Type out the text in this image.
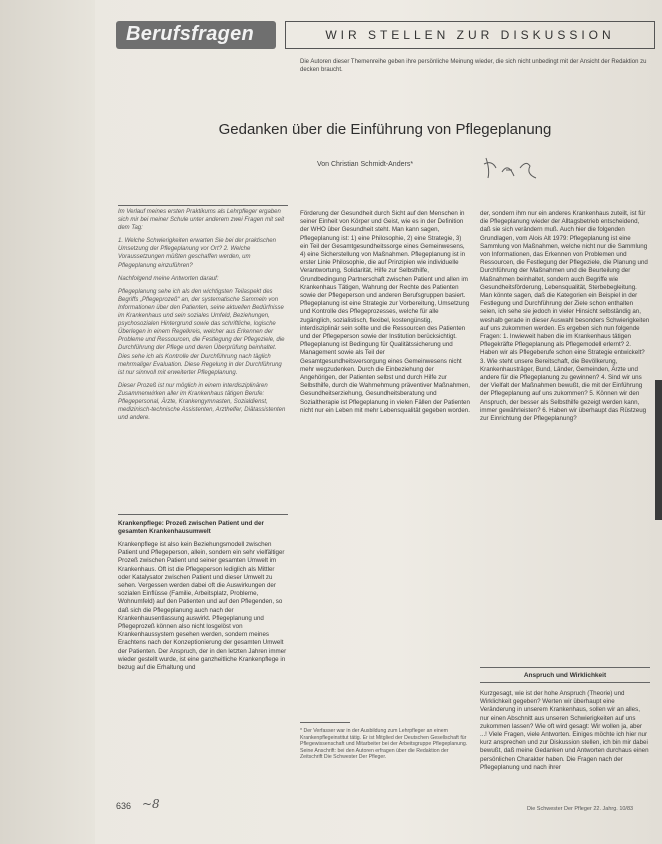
Berufsfragen	WIR STELLEN ZUR DISKUSSION
Die Autoren dieser Themenreihe geben ihre persönliche Meinung wieder, die sich nicht unbedingt mit der Ansicht der Redaktion zu decken braucht.
Gedanken über die Einführung von Pflegeplanung
Von Christian Schmidt-Anders*

Im Verlauf meines ersten Praktikums als Lehrpfleger ergaben sich mir bei meiner Schule unter anderem zwei Fragen mit seit dem Tag:

1. Welche Schwierigkeiten erwarten Sie bei der praktischen Umsetzung der Pflegeplanung vor Ort? 2. Welche Voraussetzungen müßten geschaffen werden, um Pflegeplanung einzuführen?

Nachfolgend meine Antworten darauf:

Pflegeplanung sehe ich als den wichtigsten Teilaspekt des Begriffs „Pflegeprozeß“ an, der systematische Sammeln von Informationen über den Patienten, seine aktuellen Bedürfnisse im Krankenhaus und sein soziales Umfeld, Beziehungen, psychosozialen Hintergrund sowie das schriftliche, logische Überlegen in einem Regelkreis, welcher aus Erkennen der Probleme und Ressourcen, die Festlegung der Pflegeziele, die Durchführung der Pflege und deren Überprüfung beinhaltet. Dies sehe ich als Kontrolle der Durchführung nach täglich mehrmaliger Evaluation. Diese Regelung in der Durchführung ist nur sinnvoll mit erweiterter Pflegeplanung.

Dieser Prozeß ist nur möglich in einem interdisziplinären Zusammenwirken aller im Krankenhaus tätigen Berufe: Pflegepersonal, Ärzte, Krankengymnasten, Sozialdienst, medizinisch-technische Assistenten, Arzthelfer, Diätassistenten und andere.

Krankenpflege: Prozeß zwischen Patient und der gesamten Krankenhausumwelt
Krankenpflege ist also kein Beziehungsmodell zwischen Patient und Pflegeperson, allein, sondern ein sehr vielfältiger Prozeß zwischen Patient und seiner gesamten Umwelt im Krankenhaus. Oft ist die Pflegeperson lediglich als Mittler oder Katalysator zwischen Patient und dieser Umwelt zu sehen. Vergessen werden dabei oft die Auswirkungen der sozialen Einflüsse (Familie, Arbeitsplatz, Probleme, Wohnumfeld) auf den Patienten und auf den Pflegenden, so daß sich die Pflegeplanung auch nach der Krankenhausentlassung auswirkt. Pflegeplanung und Pflegeprozeß können also nicht losgelöst von Krankenhaussystem gesehen werden, sondern meines Erachtens nach der Konzeptionierung der gesamten Umwelt der Patienten. Der Anspruch, der in den letzten Jahren immer wieder gestellt wurde, ist eine ganzheitliche Krankenpflege in bezug auf die Erhaltung und
Förderung der Gesundheit durch Sicht auf den Menschen in seiner Einheit von Körper und Geist, wie es in der Definition der WHO über Gesundheit steht. Man kann sagen, Pflegeplanung ist: 1) eine Philosophie, 2) eine Strategie, 3) ein Teil der Gesamtgesundheitssorge eines Gemeinwesens, 4) eine Sicherstellung von Maßnahmen. Pflegeplanung ist in erster Linie Philosophie, die auf Prinzipien wie individuelle Verantwortung, Solidarität, Hilfe zur Selbsthilfe, Grundbedingung Partnerschaft zwischen Patient und allen im Krankenhaus Tätigen, Wahrung der Rechte des Patienten sowie der Pflegeperson und anderen Berufsgruppen basiert. Pflegeplanung ist eine Strategie zur Vorbereitung, Umsetzung und Kontrolle des Pflegeprozesses, welche für alle zugänglich, sozialistisch, flexibel, kostengünstig, interdisziplinär sein sollte und die Ressourcen des Patienten und der Pflegeperson sowie der Institution berücksichtigt. Pflegeplanung ist Bedingung für Qualitätssicherung und Management sowie als Teil der Gesamtgesundheitsversorgung eines Gemeinwesens nicht mehr wegzudenken. Durch die Einbeziehung der Angehörigen, der Patienten selbst und durch Hilfe zur Selbsthilfe, durch die Wahrnehmung präventiver Maßnahmen, Gesundheitserziehung, Gesundheitsberatung und Sozialtherapie ist Pflegeplanung in vielen Fällen der Patienten nicht nur ein Leben mit mehr Lebensqualität gegeben worden.
* Der Verfasser war in der Ausbildung zum Lehrpfleger an einem Krankenpflegeinstitut tätig. Er ist Mitglied der Deutschen Gesellschaft für Pflegewissenschaft und Mitarbeiter bei der Arbeitsgruppe Pflegeplanung. Seine Anschrift: bei den Autoren erfragen über die Redaktion der Zeitschrift Die Schwester Der Pfleger.
der, sondern ihm nur ein anderes Krankenhaus zuteilt, ist für die Pflegeplanung wieder der Alltagsbetrieb entscheidend, daß sie sich verändern muß. Auch hier die folgenden Grundlagen, vom Alois Alt 1979: Pflegeplanung ist eine Sammlung von Maßnahmen, welche nicht nur die Sammlung von Informationen, das Erkennen von Problemen und Ressourcen, die Festlegung der Pflegeziele, die Planung und Durchführung der Maßnahmen und die Beurteilung der Maßnahmen beinhaltet, sondern auch Begriffe wie Gesundheitsförderung, Lebensqualität, Sterbebegleitung. Man könnte sagen, daß die Kategorien ein Beispiel in der Festlegung und Durchführung der Ziele schon enthalten seien, ich sehe sie jedoch in vieler Hinsicht selbständig an, weshalb gerade in dieser Auswahl besonders Schwierigkeiten auf uns zukommen werden. Es ergeben sich nun folgende Fragen: 1. Inwieweit haben die im Krankenhaus tätigen Pflegekräfte Pflegeplanung als Pflegemodell erlernt? 2. Haben wir als Pflegeberufe schon eine Strategie entwickelt? 3. Wie steht unsere Bereitschaft, die Bevölkerung, Krankenhausträger, Bund, Länder, Gemeinden, Ärzte und andere für die Pflegeplanung zu gewinnen? 4. Sind wir uns der Vielfalt der Maßnahmen bewußt, die mit der Einführung der Pflegeplanung auf uns zukommen? 5. Können wir den Anspruch, der besser als Selbsthilfe gezeigt werden kann, immer gewährleisten? 6. Haben wir überhaupt das Rüstzeug zur Einrichtung der Pflegeplanung?
Anspruch und Wirklichkeit
Kurzgesagt, wie ist der hohe Anspruch (Theorie) und Wirklichkeit gegeben? Werten wir überhaupt eine Veränderung in unserem Krankenhaus, sollen wir an alles, nur einen Abschnitt aus unseren Schwierigkeiten auf uns zukommen lassen? Wie oft wird gesagt: Wir wollen ja, aber ...! Viele Fragen, viele Antworten. Einiges möchte ich hier nur kurz ansprechen und zur Diskussion stellen, ich bin mir dabei bewußt, daß meine Gedanken und Antworten durchaus einen persönlichen Charakter haben. Die Fragen nach der Pflegeplanung und nach ihrer
636 ~8	Die Schwester Der Pfleger 22. Jahrg. 10/83
